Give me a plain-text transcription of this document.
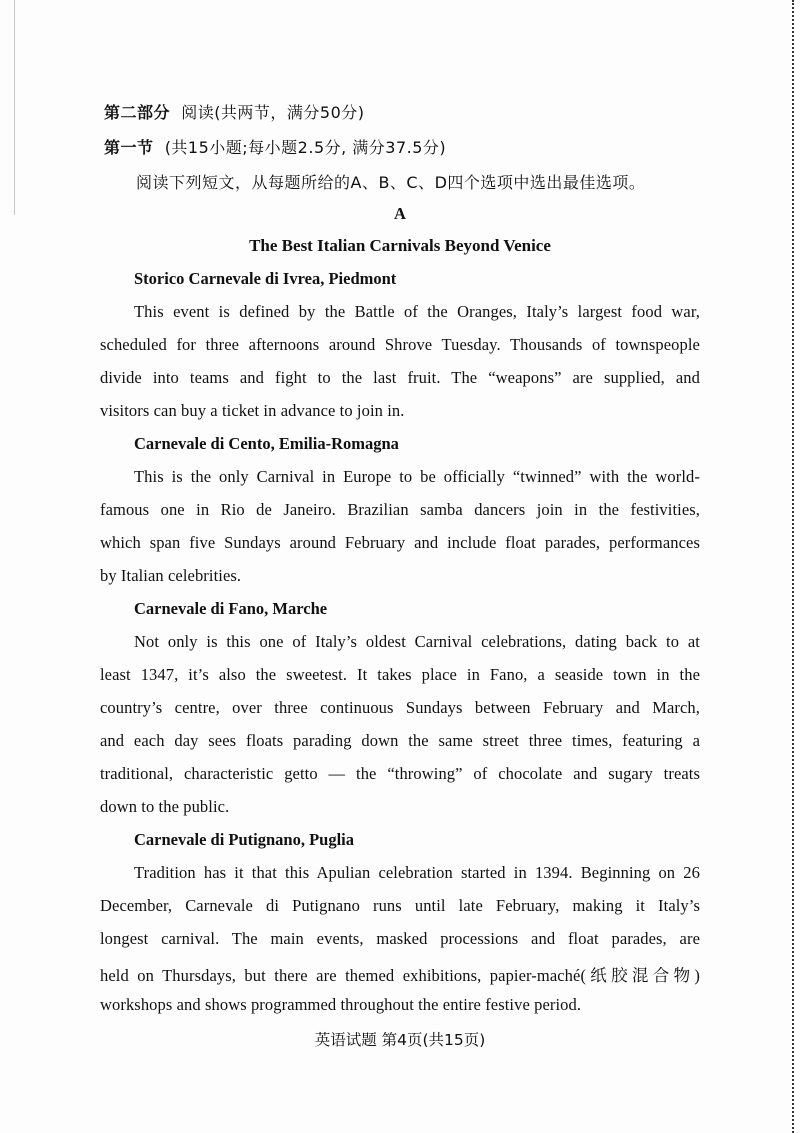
第二部分 阅读(共两节，满分50分)
第一节 (共15小题;每小题2.5分, 满分37.5分)
阅读下列短文，从每题所给的A、B、C、D四个选项中选出最佳选项。
A
The Best Italian Carnivals Beyond Venice
Storico Carnevale di Ivrea, Piedmont
This event is defined by the Battle of the Oranges, Italy’s largest food war,
scheduled for three afternoons around Shrove Tuesday. Thousands of townspeople
divide into teams and fight to the last fruit. The “weapons” are supplied, and
visitors can buy a ticket in advance to join in.
Carnevale di Cento, Emilia-Romagna
This is the only Carnival in Europe to be officially “twinned” with the world-
famous one in Rio de Janeiro. Brazilian samba dancers join in the festivities,
which span five Sundays around February and include float parades, performances
by Italian celebrities.
Carnevale di Fano, Marche
Not only is this one of Italy’s oldest Carnival celebrations, dating back to at
least 1347, it’s also the sweetest. It takes place in Fano, a seaside town in the
country’s centre, over three continuous Sundays between February and March,
and each day sees floats parading down the same street three times, featuring a
traditional, characteristic getto — the “throwing” of chocolate and sugary treats
down to the public.
Carnevale di Putignano, Puglia
Tradition has it that this Apulian celebration started in 1394. Beginning on 26
December, Carnevale di Putignano runs until late February, making it Italy’s
longest carnival. The main events, masked processions and float parades, are
held on Thursdays, but there are themed exhibitions, papier-maché(纸胶混合物)
workshops and shows programmed throughout the entire festive period.
英语试题 第4页(共15页)
